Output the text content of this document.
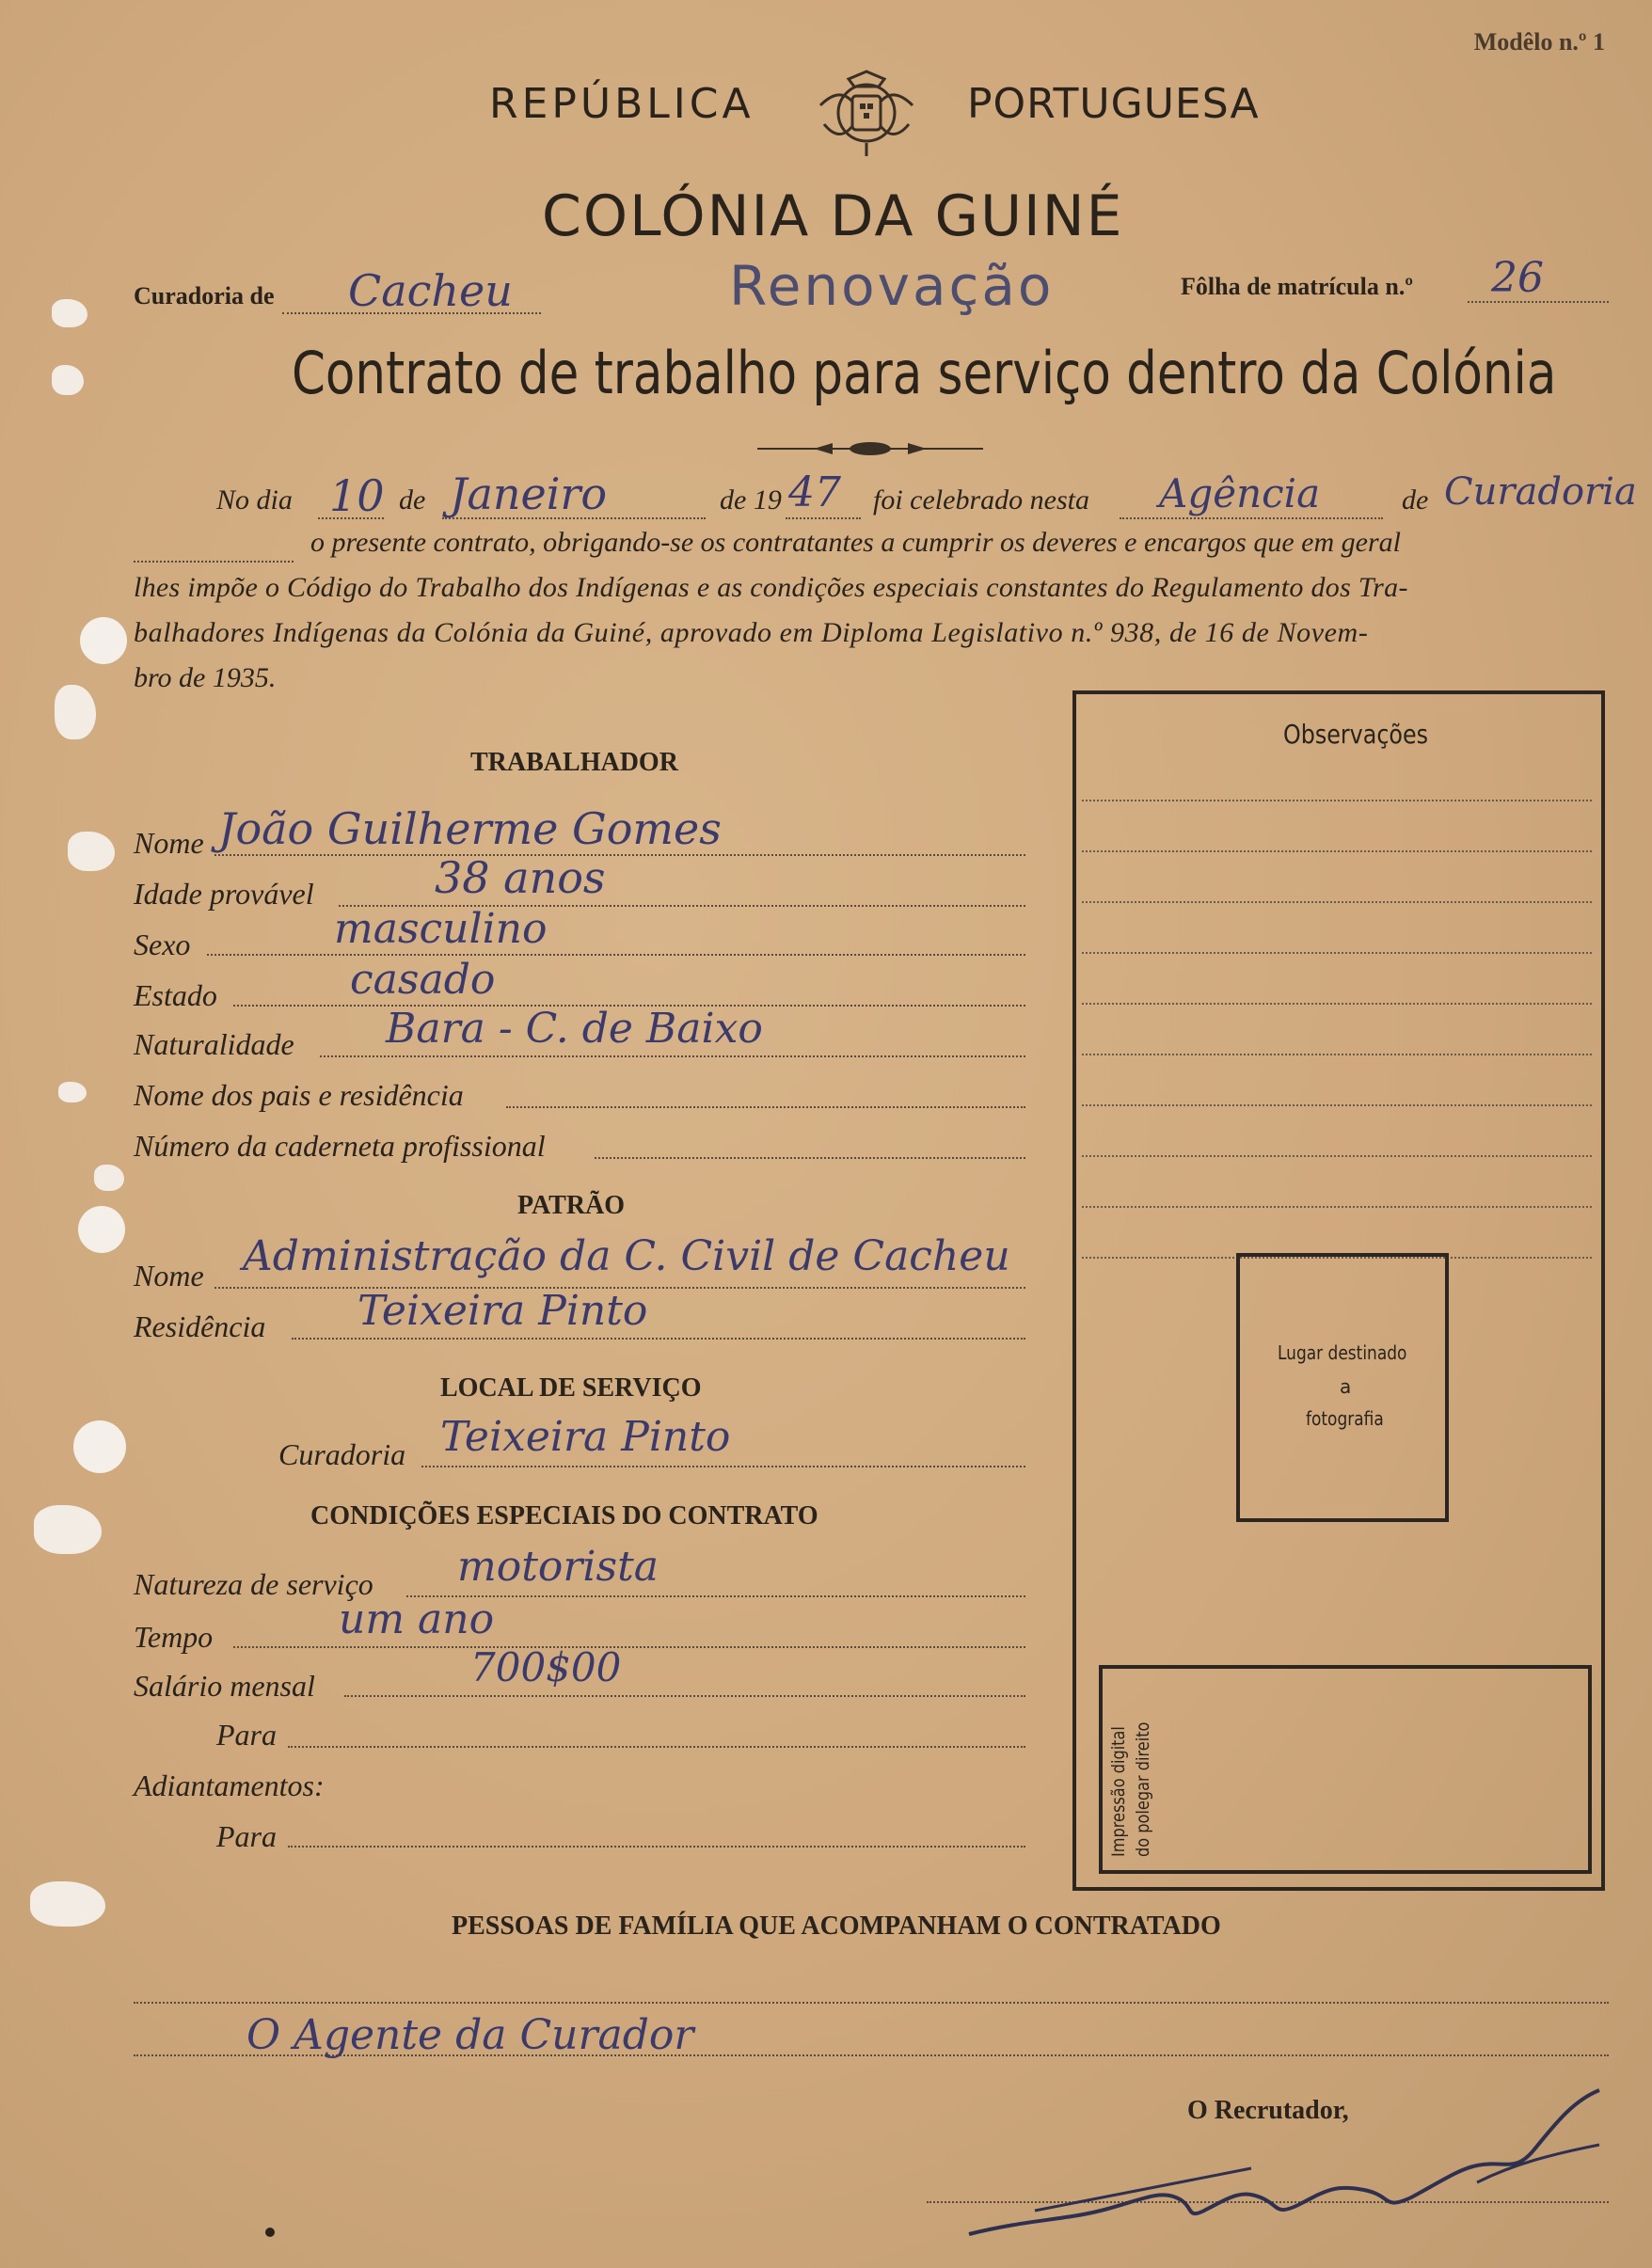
Modêlo n.º 1
REPÚBLICA	PORTUGUESA
COLÓNIA DA GUINÉ
Curadoria de Cacheu	Renovação	Fôlha de matrícula n.º 26
Contrato de trabalho para serviço dentro da Colónia
No dia 10 de Janeiro	de 19 47 foi celebrado nesta Agência	de Curadoria
o presente contrato, obrigando-se os contratantes a cumprir os deveres e encargos que em geral
lhes impõe o Código do Trabalho dos Indígenas e as condições especiais constantes do Regulamento dos Tra-
balhadores Indígenas da Colónia da Guiné, aprovado em Diploma Legislativo n.º 938, de 16 de Novem-
bro de 1935.
TRABALHADOR
Nome João Guilherme Gomes
Idade provável	38 anos
Sexo	masculino
Estado	casado
Naturalidade Bara - C. de Baixo
Nome dos pais e residência
Número da caderneta profissional
PATRÃO
Nome Administração da C. Civil de Cacheu
Residência Teixeira Pinto
LOCAL DE SERVIÇO
Curadoria Teixeira Pinto
CONDIÇÕES ESPECIAIS DO CONTRATO
Natureza de serviço motorista
Tempo	um ano
Salário mensal	700$00
Para
Adiantamentos:
Para
Observações
Lugar destinado
a
fotografia
Impressão digital do polegar direito
PESSOAS DE FAMÍLIA QUE ACOMPANHAM O CONTRATADO
O Agente da Curador
O Recrutador,
